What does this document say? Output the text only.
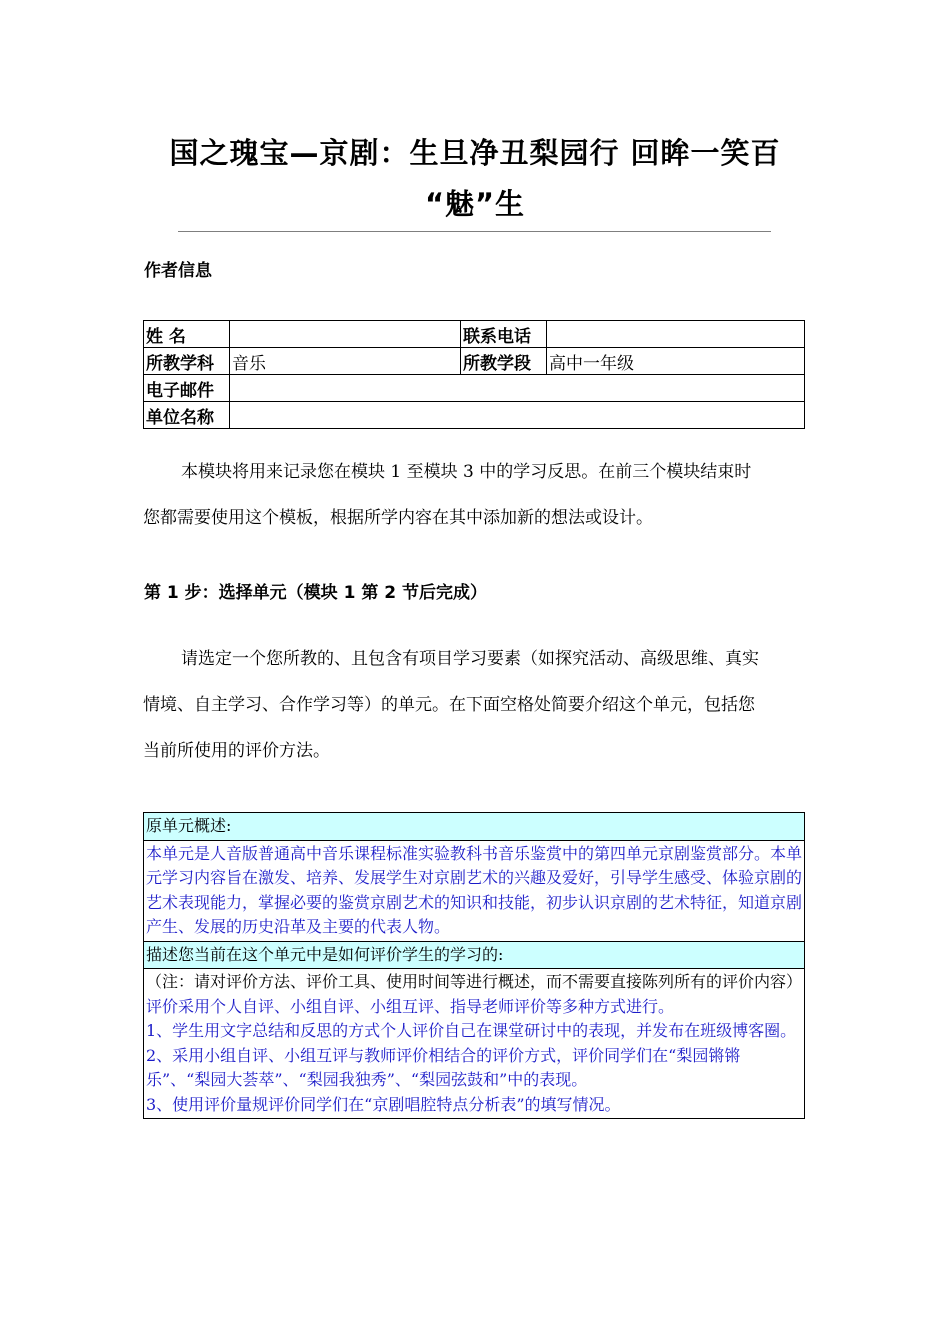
国之瑰宝—京剧：生旦净丑梨园行 回眸一笑百
“魅”生
作者信息
姓 名		联系电话	
所教学科	音乐	所教学段	高中一年级
电子邮件			
单位名称			
本模块将用来记录您在模块 1 至模块 3 中的学习反思。在前三个模块结束时
您都需要使用这个模板，根据所学内容在其中添加新的想法或设计。
第 1 步：选择单元（模块 1 第 2 节后完成）
请选定一个您所教的、且包含有项目学习要素（如探究活动、高级思维、真实
情境、自主学习、合作学习等）的单元。在下面空格处简要介绍这个单元，包括您
当前所使用的评价方法。
原单元概述:
本单元是人音版普通高中音乐课程标准实验教科书音乐鉴赏中的第四单元京剧鉴赏部分。本单元学习内容旨在激发、培养、发展学生对京剧艺术的兴趣及爱好，引导学生感受、体验京剧的艺术表现能力，掌握必要的鉴赏京剧艺术的知识和技能，初步认识京剧的艺术特征，知道京剧产生、发展的历史沿革及主要的代表人物。
描述您当前在这个单元中是如何评价学生的学习的:

（注：请对评价方法、评价工具、使用时间等进行概述，而不需要直接陈列所有的评价内容）
评价采用个人自评、小组自评、小组互评、指导老师评价等多种方式进行。
1、学生用文字总结和反思的方式个人评价自己在课堂研讨中的表现，并发布在班级博客圈。
2、采用小组自评、小组互评与教师评价相结合的评价方式，评价同学们在“梨园锵锵乐”、“梨园大荟萃”、“梨园我独秀”、“梨园弦鼓和”中的表现。
3、使用评价量规评价同学们在“京剧唱腔特点分析表”的填写情况。
